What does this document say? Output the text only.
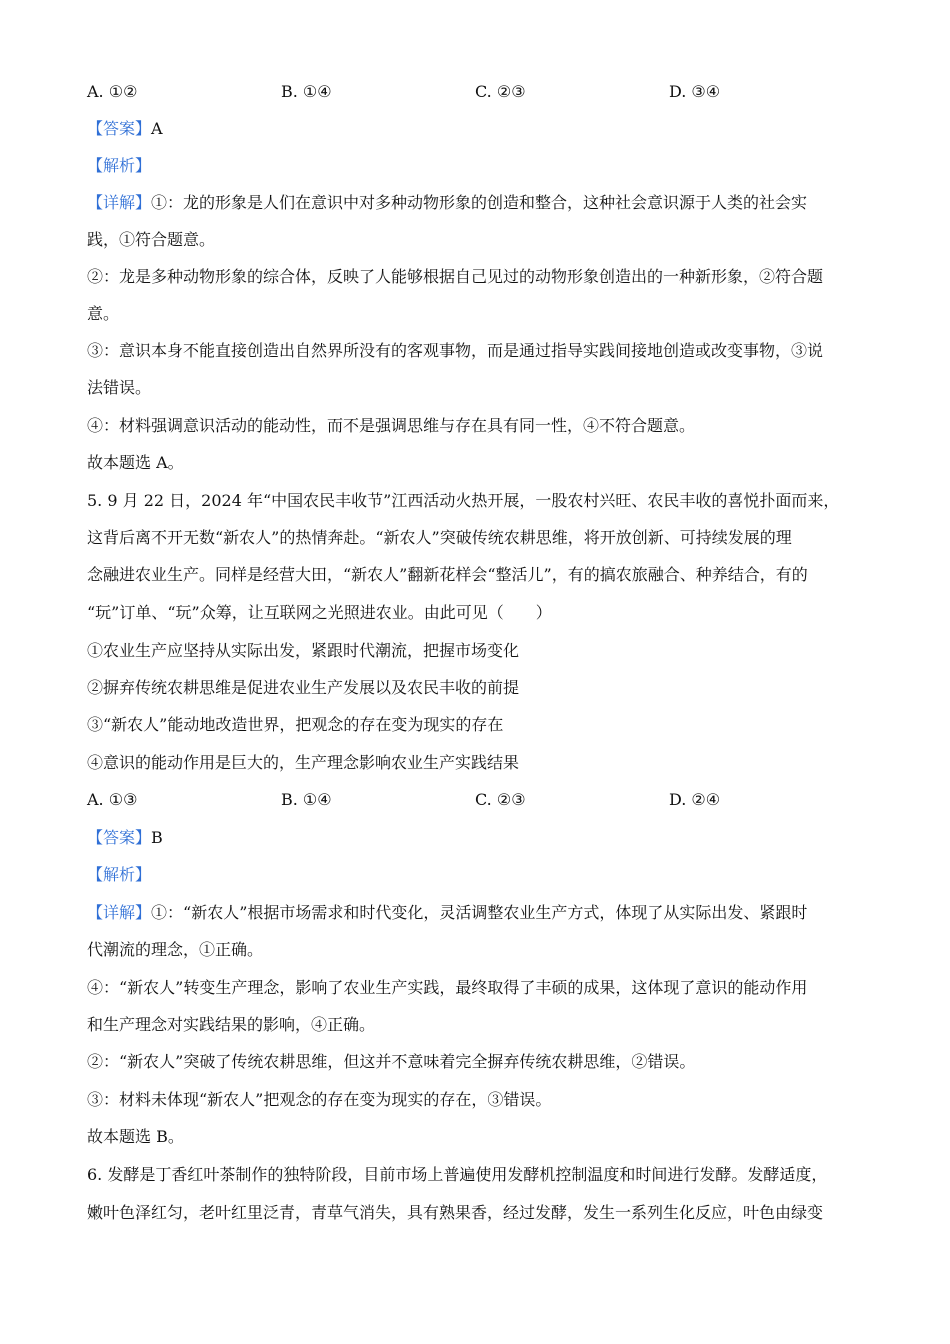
A. ①②	B. ①④	C. ②③	D. ③④
【答案】A
【解析】
【详解】①：龙的形象是人们在意识中对多种动物形象的创造和整合，这种社会意识源于人类的社会实
践，①符合题意。
②：龙是多种动物形象的综合体，反映了人能够根据自己见过的动物形象创造出的一种新形象，②符合题
意。
③：意识本身不能直接创造出自然界所没有的客观事物，而是通过指导实践间接地创造或改变事物，③说
法错误。
④：材料强调意识活动的能动性，而不是强调思维与存在具有同一性，④不符合题意。
故本题选 A。
5. 9 月 22 日，2024 年“中国农民丰收节”江西活动火热开展，一股农村兴旺、农民丰收的喜悦扑面而来，
这背后离不开无数“新农人”的热情奔赴。“新农人”突破传统农耕思维，将开放创新、可持续发展的理
念融进农业生产。同样是经营大田，“新农人”翻新花样会“整活儿”，有的搞农旅融合、种养结合，有的
“玩”订单、“玩”众筹，让互联网之光照进农业。由此可见（　　）
①农业生产应坚持从实际出发，紧跟时代潮流，把握市场变化
②摒弃传统农耕思维是促进农业生产发展以及农民丰收的前提
③“新农人”能动地改造世界，把观念的存在变为现实的存在
④意识的能动作用是巨大的，生产理念影响农业生产实践结果
A. ①③	B. ①④	C. ②③	D. ②④
【答案】B
【解析】
【详解】①：“新农人”根据市场需求和时代变化，灵活调整农业生产方式，体现了从实际出发、紧跟时
代潮流的理念，①正确。
④：“新农人”转变生产理念，影响了农业生产实践，最终取得了丰硕的成果，这体现了意识的能动作用
和生产理念对实践结果的影响，④正确。
②：“新农人”突破了传统农耕思维，但这并不意味着完全摒弃传统农耕思维，②错误。
③：材料未体现“新农人”把观念的存在变为现实的存在，③错误。
故本题选 B。
6. 发酵是丁香红叶茶制作的独特阶段，目前市场上普遍使用发酵机控制温度和时间进行发酵。发酵适度，
嫩叶色泽红匀，老叶红里泛青，青草气消失，具有熟果香，经过发酵，发生一系列生化反应，叶色由绿变
